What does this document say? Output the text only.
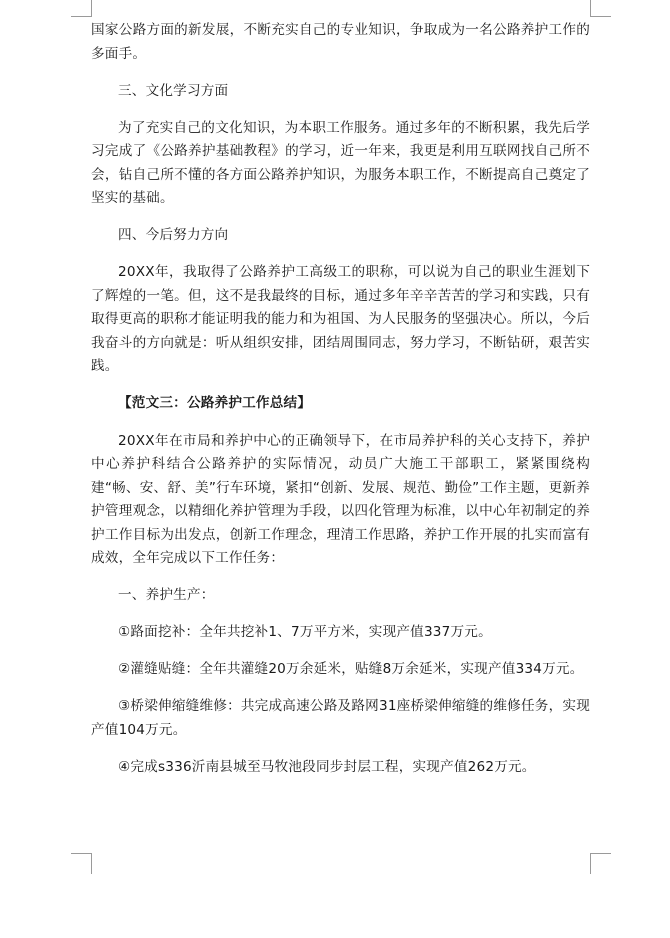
国家公路方面的新发展，不断充实自己的专业知识，争取成为一名公路养护工作的多面手。

三、文化学习方面

为了充实自己的文化知识，为本职工作服务。通过多年的不断积累，我先后学习完成了《公路养护基础教程》的学习，近一年来，我更是利用互联网找自己所不会，钻自己所不懂的各方面公路养护知识，为服务本职工作，不断提高自己奠定了坚实的基础。

四、今后努力方向

20XX年，我取得了公路养护工高级工的职称，可以说为自己的职业生涯划下了辉煌的一笔。但，这不是我最终的目标，通过多年辛辛苦苦的学习和实践，只有取得更高的职称才能证明我的能力和为祖国、为人民服务的坚强决心。所以，今后我奋斗的方向就是：听从组织安排，团结周围同志，努力学习，不断钻研，艰苦实践。

【范文三：公路养护工作总结】

20XX年在市局和养护中心的正确领导下，在市局养护科的关心支持下，养护中心养护科结合公路养护的实际情况，动员广大施工干部职工，紧紧围绕构建“畅、安、舒、美”行车环境，紧扣“创新、发展、规范、勤俭”工作主题，更新养护管理观念，以精细化养护管理为手段，以四化管理为标准，以中心年初制定的养护工作目标为出发点，创新工作理念，理清工作思路，养护工作开展的扎实而富有成效，全年完成以下工作任务：

一、养护生产：

①路面挖补：全年共挖补1、7万平方米，实现产值337万元。

②灌缝贴缝：全年共灌缝20万余延米，贴缝8万余延米，实现产值334万元。

③桥梁伸缩缝维修：共完成高速公路及路网31座桥梁伸缩缝的维修任务，实现产值104万元。

④完成s336沂南县城至马牧池段同步封层工程，实现产值262万元。
